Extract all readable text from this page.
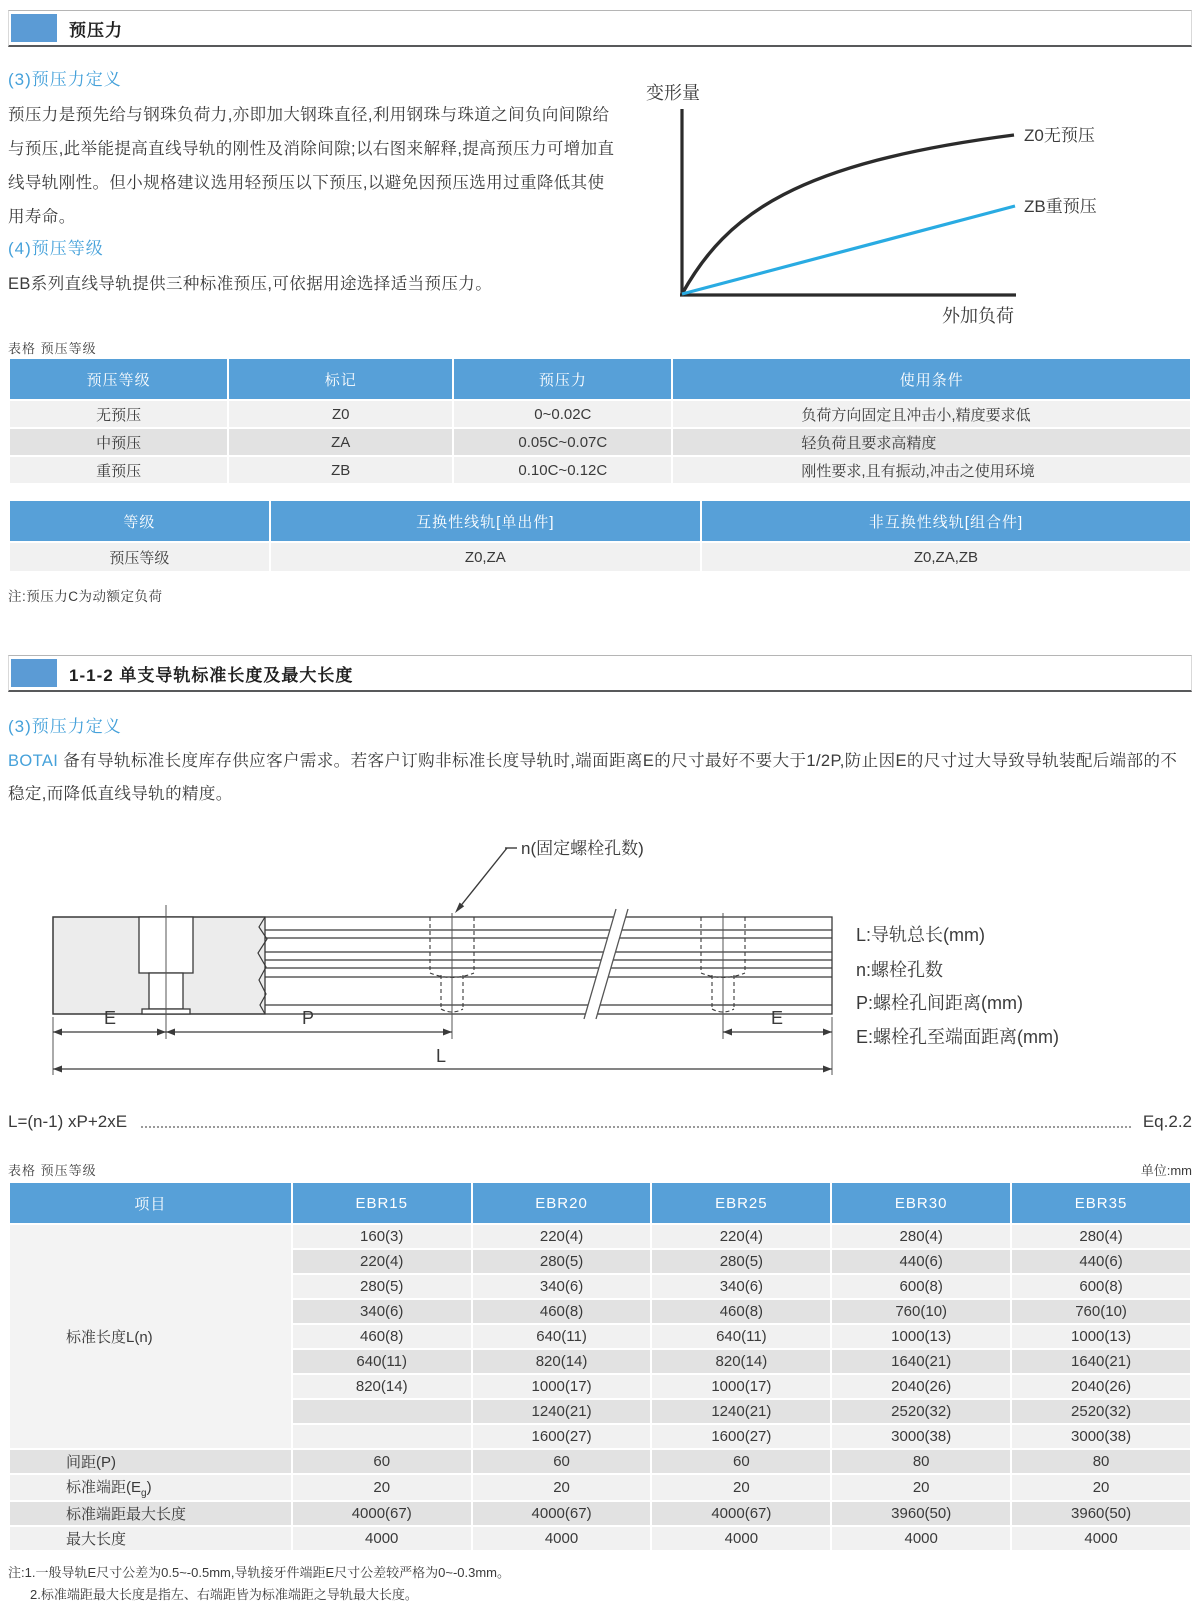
预压力
(3)预压力定义

预压力是预先给与钢珠负荷力,亦即加大钢珠直径,利用钢珠与珠道之间负向间隙给与预压,此举能提高直线导轨的刚性及消除间隙;以右图来解释,提高预压力可增加直线导轨刚性。但小规格建议选用轻预压以下预压,以避免因预压选用过重降低其使用寿命。

(4)预压等级

EB系列直线导轨提供三种标准预压,可依据用途选择适当预压力。

变形量
Z0无预压
ZB重预压
外加负荷
表格 预压等级
预压等级	标记	预压力	使用条件
无预压	Z0	0~0.02C	负荷方向固定且冲击小,精度要求低
中预压	ZA	0.05C~0.07C	轻负荷且要求高精度
重预压	ZB	0.10C~0.12C	刚性要求,且有振动,冲击之使用环境
等级	互换性线轨[单出件]	非互换性线轨[组合件]
预压等级	Z0,ZA	Z0,ZA,ZB
注:预压力C为动额定负荷
1-1-2 单支导轨标准长度及最大长度
(3)预压力定义

BOTAI 备有导轨标准长度库存供应客户需求。若客户订购非标准长度导轨时,端面距离E的尺寸最好不要大于1/2P,防止因E的尺寸过大导致导轨装配后端部的不稳定,而降低直线导轨的精度。

n(固定螺栓孔数)
E	P	E
L
L:导轨总长(mm)
n:螺栓孔数
P:螺栓孔间距离(mm)
E:螺栓孔至端面距离(mm)
L=(n-1) xP+2xE	Eq.2.2
表格 预压等级	单位:mm
项目	EBR15	EBR20	EBR25	EBR30	EBR35
标准长度L(n)	160(3)	220(4)	220(4)	280(4)	280(4)
	220(4)	280(5)	280(5)	440(6)	440(6)
	280(5)	340(6)	340(6)	600(8)	600(8)
	340(6)	460(8)	460(8)	760(10)	760(10)
	460(8)	640(11)	640(11)	1000(13)	1000(13)
	640(11)	820(14)	820(14)	1640(21)	1640(21)
	820(14)	1000(17)	1000(17)	2040(26)	2040(26)
		1240(21)	1240(21)	2520(32)	2520(32)
		1600(27)	1600(27)	3000(38)	3000(38)
间距(P)	60	60	60	80	80
标准端距$(E_g)$	20	20	20	20	20
标准端距最大长度	4000(67)	4000(67)	4000(67)	3960(50)	3960(50)
最大长度	4000	4000	4000	4000	4000
注:1.一般导轨E尺寸公差为0.5~-0.5mm,导轨接牙件端距E尺寸公差较严格为0~-0.3mm。
2.标准端距最大长度是指左、右端距皆为标准端距之导轨最大长度。
